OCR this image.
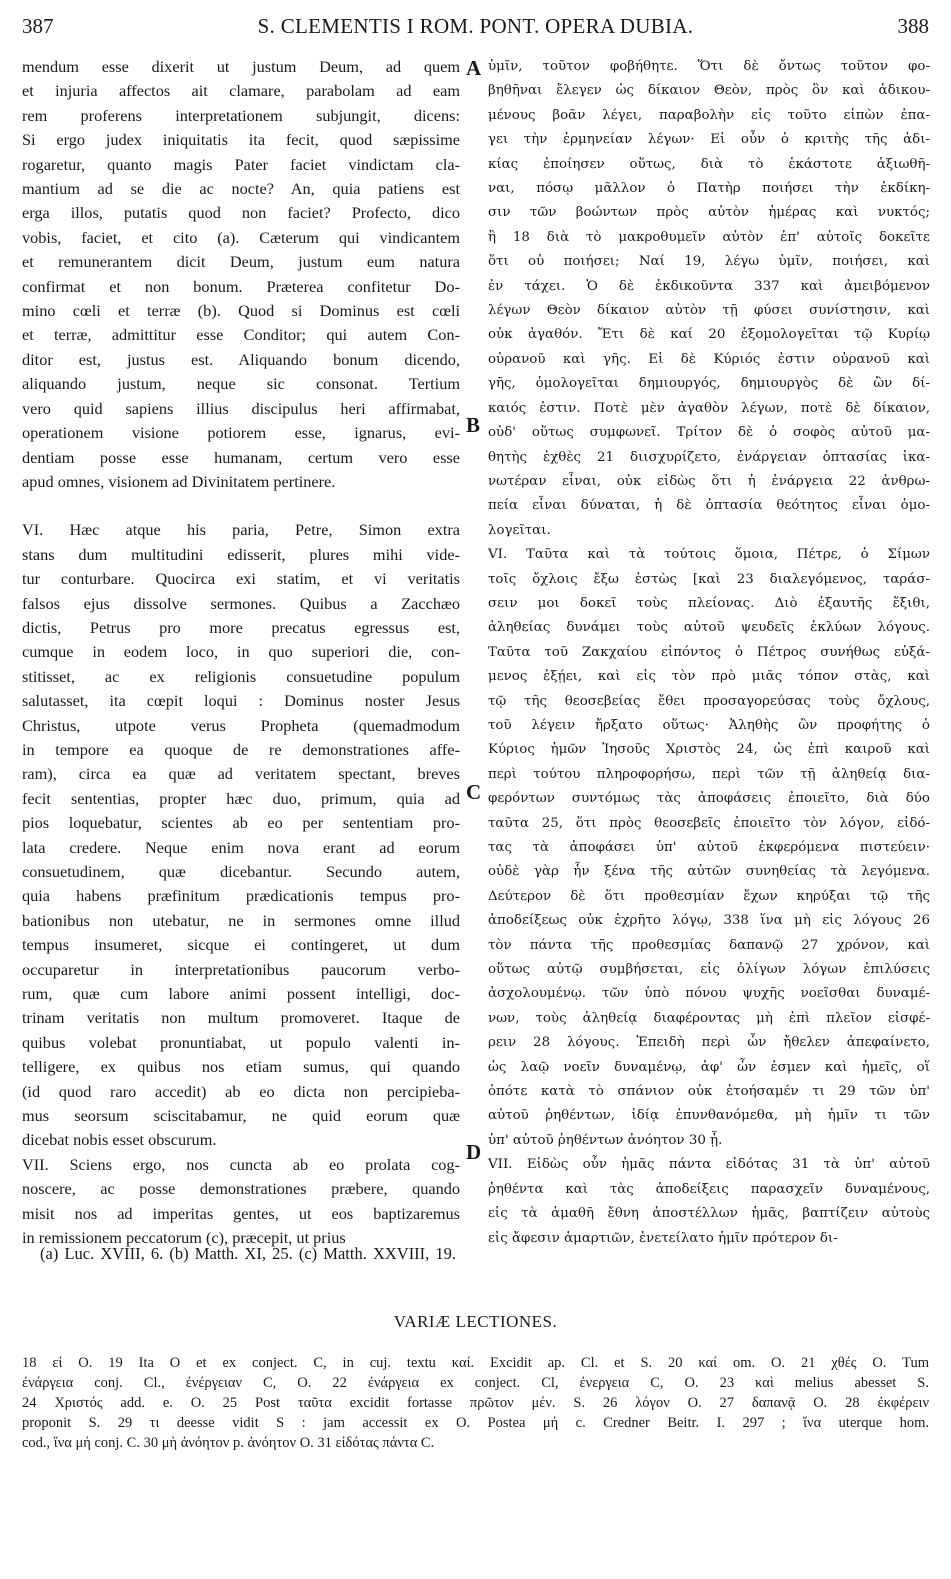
387	S. CLEMENTIS I ROM. PONT. OPERA DUBIA.	388

mendum esse dixerit ut justum Deum, ad quem
et injuria affectos ait clamare, parabolam ad eam
rem proferens interpretationem subjungit, dicens:
Si ergo judex iniquitatis ita fecit, quod sæpissime
rogaretur, quanto magis Pater faciet vindictam cla-
mantium ad se die ac nocte? An, quia patiens est
erga illos, putatis quod non faciet? Profecto, dico
vobis, faciet, et cito (a). Cæterum qui vindicantem
et remunerantem dicit Deum, justum eum natura
confirmat et non bonum. Præterea confitetur Do-
mino cœli et terræ (b). Quod si Dominus est cœli
et terræ, admittitur esse Conditor; qui autem Con-
ditor est, justus est. Aliquando bonum dicendo,
aliquando justum, neque sic consonat. Tertium
vero quid sapiens illius discipulus heri affirmabat,
operationem visione potiorem esse, ignarus, evi-
dentiam posse esse humanam, certum vero esse
apud omnes, visionem ad Divinitatem pertinere.

VI. Hæc atque his paria, Petre, Simon extra
stans dum multitudini edisserit, plures mihi vide-
tur conturbare. Quocirca exi statim, et vi veritatis
falsos ejus dissolve sermones. Quibus a Zacchæo
dictis, Petrus pro more precatus egressus est,
cumque in eodem loco, in quo superiori die, con-
stitisset, ac ex religionis consuetudine populum
salutasset, ita cœpit loqui : Dominus noster Jesus
Christus, utpote verus Propheta (quemadmodum
in tempore ea quoque de re demonstrationes affe-
ram), circa ea quæ ad veritatem spectant, breves
fecit sententias, propter hæc duo, primum, quia ad
pios loquebatur, scientes ab eo per sententiam pro-
lata credere. Neque enim nova erant ad eorum
consuetudinem, quæ dicebantur. Secundo autem,
quia habens præfinitum prædicationis tempus pro-
bationibus non utebatur, ne in sermones omne illud
tempus insumeret, sicque ei contingeret, ut dum
occuparetur in interpretationibus paucorum verbo-
rum, quæ cum labore animi possent intelligi, doc-
trinam veritatis non multum promoveret. Itaque de
quibus volebat pronuntiabat, ut populo valenti in-
telligere, ex quibus nos etiam sumus, qui quando
(id quod raro accedit) ab eo dicta non percipieba-
mus seorsum sciscitabamur, ne quid eorum quæ
dicebat nobis esset obscurum.

VII. Sciens ergo, nos cuncta ab eo prolata cog-
noscere, ac posse demonstrationes præbere, quando
misit nos ad imperitas gentes, ut eos baptizaremus
in remissionem peccatorum (c), præcepit, ut prius

A
B
C
D

ὑμῖν, τοῦτον φοβήθητε. Ὅτι δὲ ὄντως τοῦτον φο-
βηθῆναι ἔλεγεν ὡς δίκαιον Θεὸν, πρὸς ὃν καὶ ἀδικου-
μένους βοᾶν λέγει, παραβολὴν εἰς τοῦτο εἰπὼν ἐπα-
γει τὴν ἑρμηνείαν λέγων· Εἰ οὖν ὁ κριτὴς τῆς ἀδι-
κίας ἐποίησεν οὕτως, διὰ τὸ ἑκάστοτε ἀξιωθῆ-
ναι, πόσῳ μᾶλλον ὁ Πατὴρ ποιήσει τὴν ἐκδίκη-
σιν τῶν βοώντων πρὸς αὐτὸν ἡμέρας καὶ νυκτός;
ἢ 18 διὰ τὸ μακροθυμεῖν αὐτὸν ἐπ' αὐτοῖς δοκεῖτε
ὅτι οὐ ποιήσει; Ναί 19, λέγω ὑμῖν, ποιήσει, καὶ
ἐν τάχει. Ὁ δὲ ἐκδικοῦντα 337 καὶ ἀμειβόμενον
λέγων Θεὸν δίκαιον αὐτὸν τῇ φύσει συνίστησιν, καὶ
οὐκ ἀγαθόν. Ἔτι δὲ καί 20 ἐξομολογεῖται τῷ Κυρίῳ
οὐρανοῦ καὶ γῆς. Εἰ δὲ Κύριός ἐστιν οὐρανοῦ καὶ
γῆς, ὁμολογεῖται δημιουργός, δημιουργὸς δὲ ὢν δί-
καιός ἐστιν. Ποτὲ μὲν ἀγαθὸν λέγων, ποτὲ δὲ δίκαιον,
οὐδ' οὕτως συμφωνεῖ. Τρίτον δὲ ὁ σοφὸς αὐτοῦ μα-
θητὴς ἐχθὲς 21 διισχυρίζετο, ἐνάργειαν ὀπτασίας ἱκα-
νωτέραν εἶναι, οὐκ εἰδὼς ὅτι ἡ ἐνάργεια 22 ἀνθρω-
πεία εἶναι δύναται, ἡ δὲ ὀπτασία θεότητος εἶναι ὁμο-
λογεῖται.

VI. Ταῦτα καὶ τὰ τούτοις ὅμοια, Πέτρε, ὁ Σίμων
τοῖς ὄχλοις ἔξω ἑστὼς [καὶ 23 διαλεγόμενος, ταράσ-
σειν μοι δοκεῖ τοὺς πλείονας. Διὸ ἐξαυτῆς ἔξιθι,
ἀληθείας δυνάμει τοὺς αὐτοῦ ψευδεῖς ἐκλύων λόγους.
Ταῦτα τοῦ Ζακχαίου εἰπόντος ὁ Πέτρος συνήθως εὐξά-
μενος ἐξῄει, καὶ εἰς τὸν πρὸ μιᾶς τόπον στὰς, καὶ
τῷ τῆς θεοσεβείας ἔθει προσαγορεύσας τοὺς ὄχλους,
τοῦ λέγειν ἤρξατο οὕτως· Ἀληθὴς ὢν προφήτης ὁ
Κύριος ἡμῶν Ἰησοῦς Χριστὸς 24, ὡς ἐπὶ καιροῦ καὶ
περὶ τούτου πληροφορήσω, περὶ τῶν τῇ ἀληθείᾳ δια-
φερόντων συντόμως τὰς ἀποφάσεις ἐποιεῖτο, διὰ δύο
ταῦτα 25, ὅτι πρὸς θεοσεβεῖς ἐποιεῖτο τὸν λόγον, εἰδό-
τας τὰ ἀποφάσει ὑπ' αὐτοῦ ἐκφερόμενα πιστεύειν·
οὐδὲ γὰρ ἦν ξένα τῆς αὐτῶν συνηθείας τὰ λεγόμενα.
Δεύτερον δὲ ὅτι προθεσμίαν ἔχων κηρύξαι τῷ τῆς
ἀποδείξεως οὐκ ἐχρῆτο λόγῳ, 338 ἵνα μὴ εἰς λόγους 26
τὸν πάντα τῆς προθεσμίας δαπανῷ 27 χρόνον, καὶ
οὕτως αὐτῷ συμβήσεται, εἰς ὀλίγων λόγων ἐπιλύσεις
ἀσχολουμένῳ. τῶν ὑπὸ πόνου ψυχῆς νοεῖσθαι δυναμέ-
νων, τοὺς ἀληθείᾳ διαφέροντας μὴ ἐπὶ πλεῖον εἰσφέ-
ρειν 28 λόγους. Ἐπειδὴ περὶ ὧν ἤθελεν ἀπεφαίνετο,
ὡς λαῷ νοεῖν δυναμένῳ, ἀφ' ὧν ἐσμεν καὶ ἡμεῖς, οἵ
ὁπότε κατὰ τὸ σπάνιον οὐκ ἐτοήσαμέν τι 29 τῶν ὑπ'
αὐτοῦ ῥηθέντων, ἰδίᾳ ἐπυνθανόμεθα, μὴ ἡμῖν τι τῶν
ὑπ' αὐτοῦ ῥηθέντων ἀνόητον 30 ᾖ.

VII. Εἰδὼς οὖν ἡμᾶς πάντα εἰδότας 31 τὰ ὑπ' αὐτοῦ
ῥηθέντα καὶ τὰς ἀποδείξεις παρασχεῖν δυναμένους,
εἰς τὰ ἀμαθῆ ἔθνη ἀποστέλλων ἡμᾶς, βαπτίζειν αὐτοὺς
εἰς ἄφεσιν ἁμαρτιῶν, ἐνετείλατο ἡμῖν πρότερον δι-

(a) Luc. XVIII, 6. (b) Matth. XI, 25. (c) Matth. XXVIII, 19.
VARIÆ LECTIONES.
18 εἰ O. 19 Ita O et ex conject. C, in cuj. textu καί. Excidit ap. Cl. et S. 20 καί om. O. 21 χθές O. Tum
ἐνάργεια conj. Cl., ἐνέργειαν C, O. 22 ἐνάργεια ex conject. Cl, ἐνεργεια C, O. 23 καὶ melius abesset S.
24 Χριστός add. e. O. 25 Post ταῦτα excidit fortasse πρῶτον μέν. S. 26 λόγον O. 27 δαπανᾷ O. 28 ἐκφέρειν
proponit S. 29 τι deesse vidit S : jam accessit ex O. Postea μή c. Credner Beitr. I. 297 ; ἵνα uterque hom.
cod., ἵνα μή conj. C. 30 μὴ ἀνόητον p. ἀνόητον O. 31 εἰδότας πάντα C.
